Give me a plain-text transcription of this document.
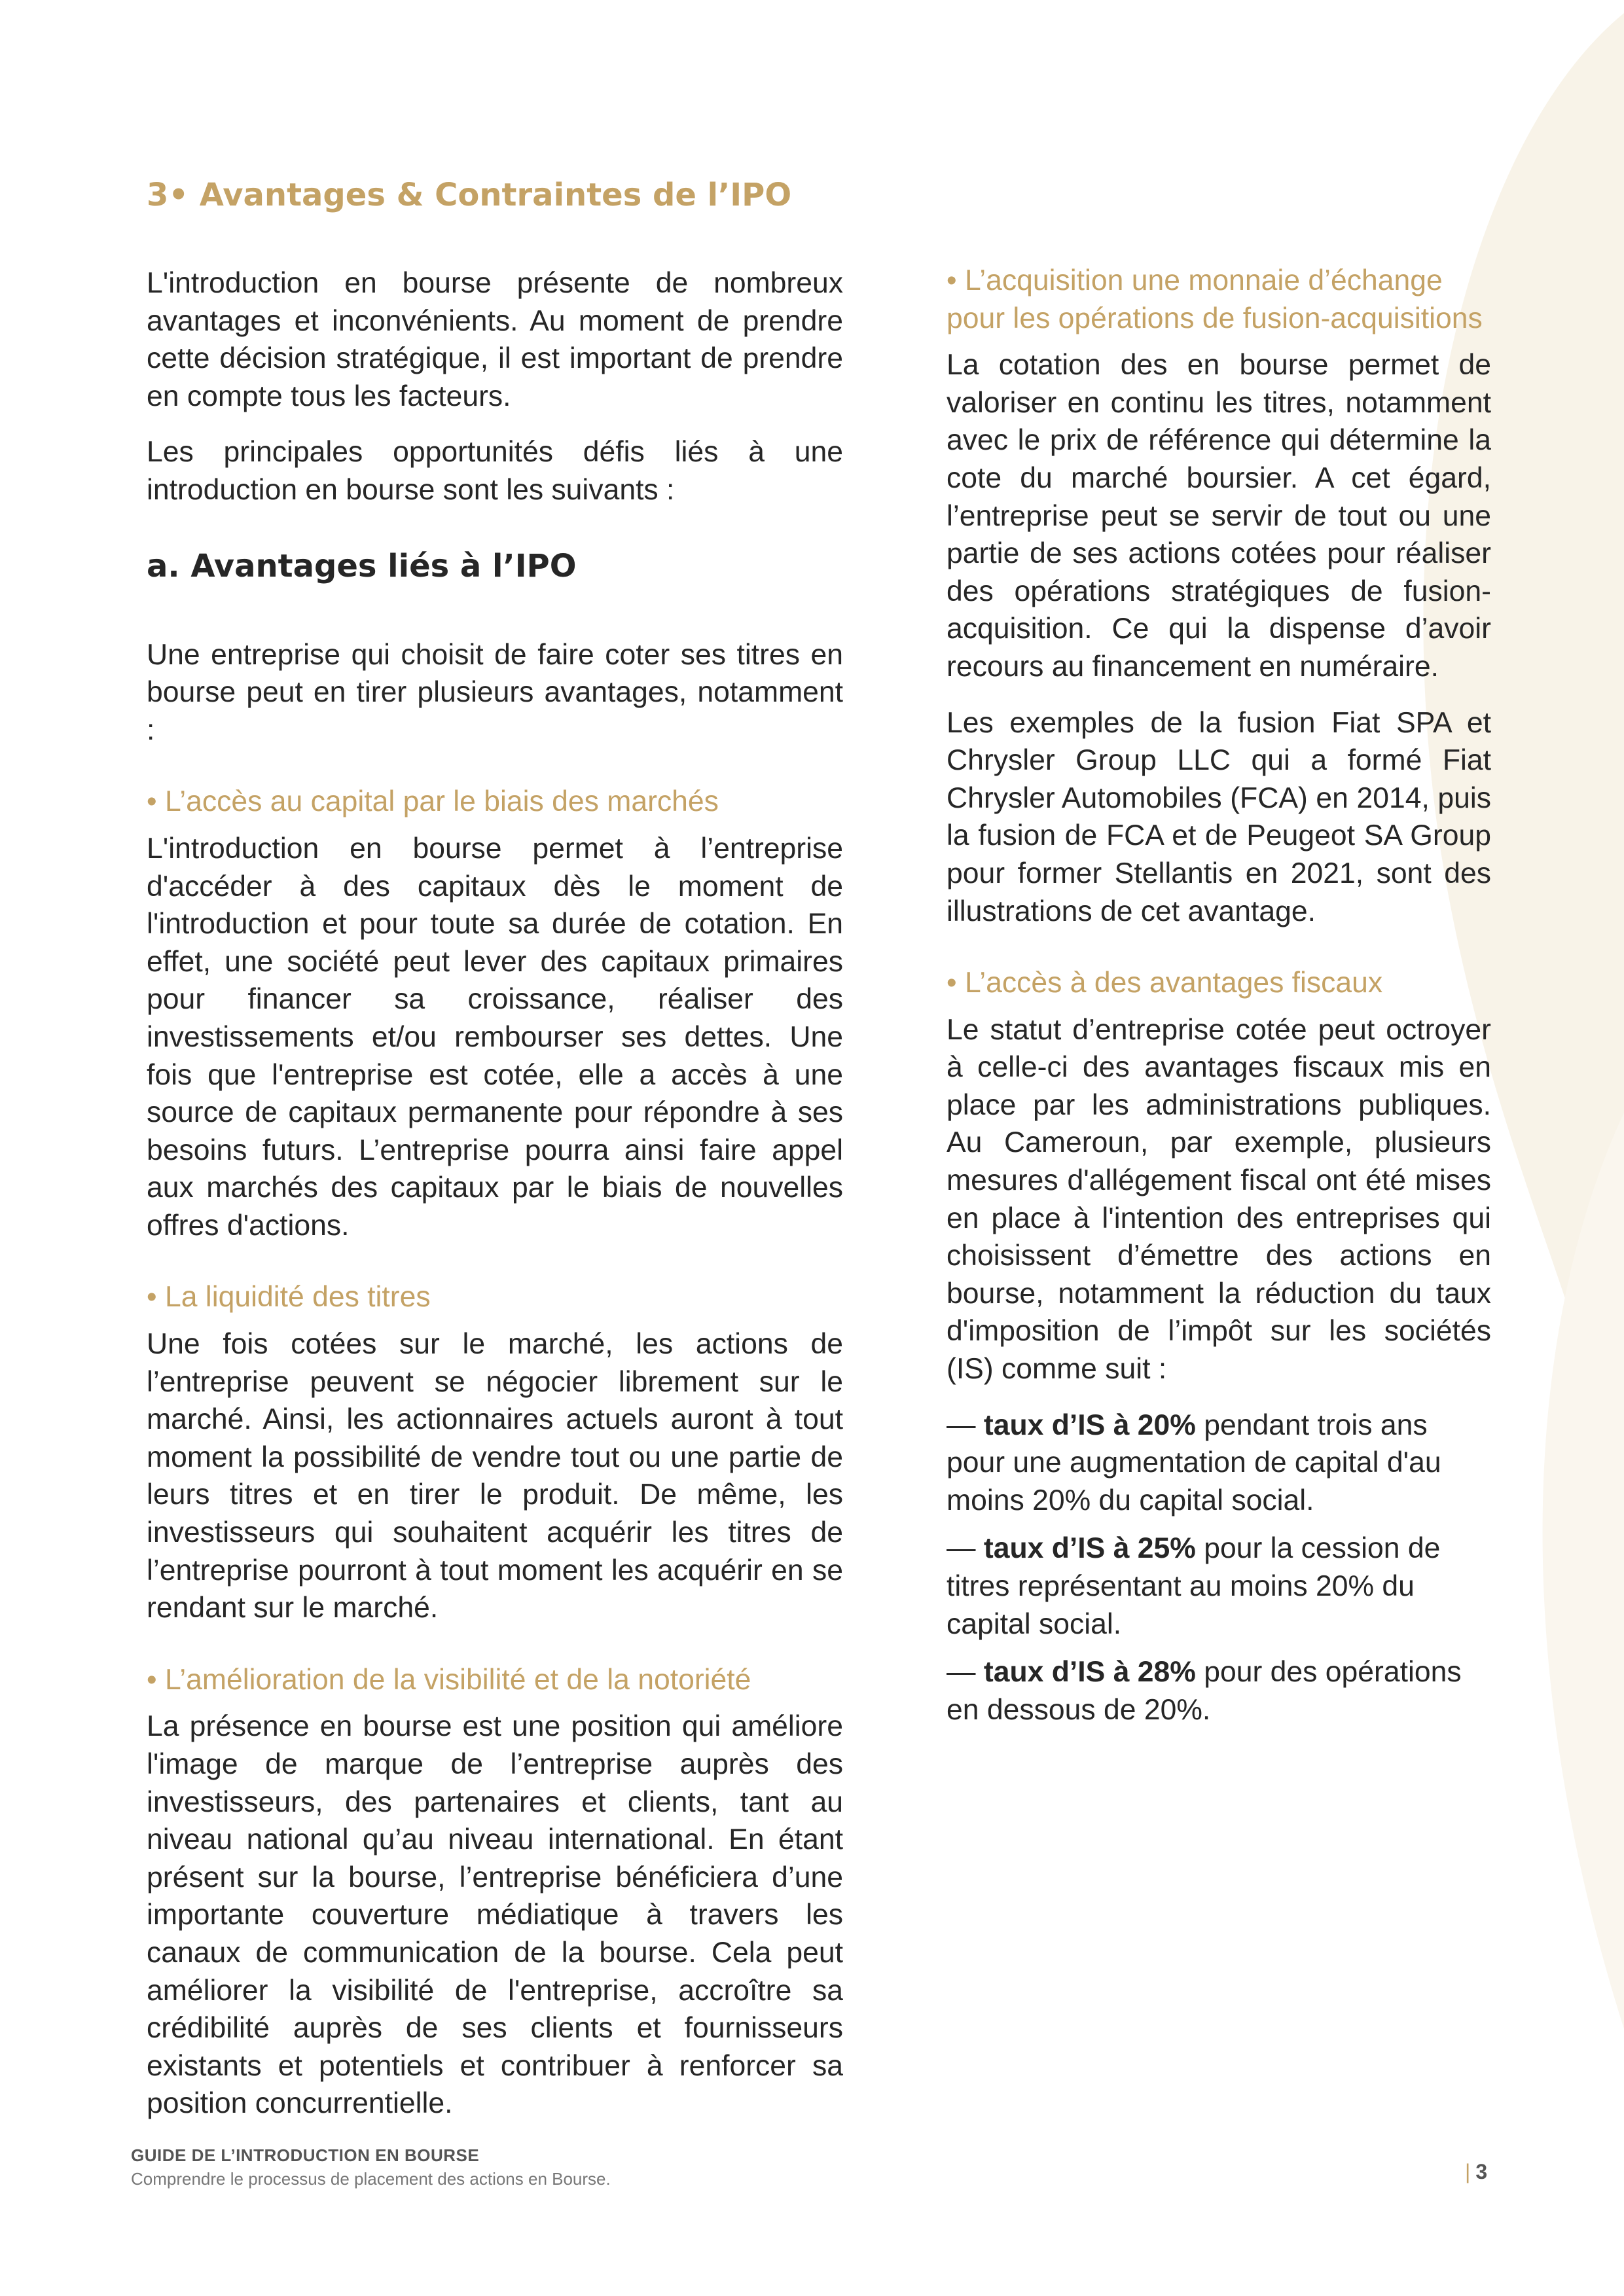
3• Avantages & Contraintes de l’IPO

L'introduction en bourse présente de nombreux avantages et inconvénients. Au moment de prendre cette décision stratégique, il est important de prendre en compte tous les facteurs.

Les principales opportunités défis liés à une introduction en bourse sont les suivants :

a. Avantages liés à l’IPO

Une entreprise qui choisit de faire coter ses titres en bourse peut en tirer plusieurs avantages, notamment :

• L’accès au capital par le biais des marchés

L'introduction en bourse permet à l’entreprise d'accéder à des capitaux dès le moment de l'introduction et pour toute sa durée de cotation. En effet, une société peut lever des capitaux primaires pour financer sa croissance, réaliser des investissements et/ou rembourser ses dettes. Une fois que l'entreprise est cotée, elle a accès à une source de capitaux permanente pour répondre à ses besoins futurs. L’entreprise pourra ainsi faire appel aux marchés des capitaux par le biais de nouvelles offres d'actions.

• La liquidité des titres

Une fois cotées sur le marché, les actions de l’entreprise peuvent se négocier librement sur le marché. Ainsi, les actionnaires actuels auront à tout moment la possibilité de vendre tout ou une partie de leurs titres et en tirer le produit. De même, les investisseurs qui souhaitent acquérir les titres de l’entreprise pourront à tout moment les acquérir en se rendant sur le marché.

• L’amélioration de la visibilité et de la notoriété

La présence en bourse est une position qui améliore l'image de marque de l’entreprise auprès des investisseurs, des partenaires et clients, tant au niveau national qu’au niveau international. En étant présent sur la bourse, l’entreprise bénéficiera d’une importante couverture médiatique à travers les canaux de communication de la bourse. Cela peut améliorer la visibilité de l'entreprise, accroître sa crédibilité auprès de ses clients et fournisseurs existants et potentiels et contribuer à renforcer sa position concurrentielle.

• L’acquisition une monnaie d’échange pour les opérations de fusion-acquisitions

La cotation des en bourse permet de valoriser en continu les titres, notamment avec le prix de référence qui détermine la cote du marché boursier. A cet égard, l’entreprise peut se servir de tout ou une partie de ses actions cotées pour réaliser des opérations stratégiques de fusion-acquisition. Ce qui la dispense d’avoir recours au financement en numéraire.

Les exemples de la fusion Fiat SPA et Chrysler Group LLC qui a formé Fiat Chrysler Automobiles (FCA) en 2014, puis la fusion de FCA et de Peugeot SA Group pour former Stellantis en 2021, sont des illustrations de cet avantage.

• L’accès à des avantages fiscaux

Le statut d’entreprise cotée peut octroyer à celle-ci des avantages fiscaux mis en place par les administrations publiques. Au Cameroun, par exemple, plusieurs mesures d'allégement fiscal ont été mises en place à l'intention des entreprises qui choisissent d’émettre des actions en bourse, notamment la réduction du taux d'imposition de l’impôt sur les sociétés (IS) comme suit :

— taux d’IS à 20% pendant trois ans pour une augmentation de capital d'au moins 20% du capital social.

— taux d’IS à 25% pour la cession de titres représentant au moins 20% du capital social.

— taux d’IS à 28% pour des opérations en dessous de 20%.

GUIDE DE L’INTRODUCTION EN BOURSE
Comprendre le processus de placement des actions en Bourse.	| 3
